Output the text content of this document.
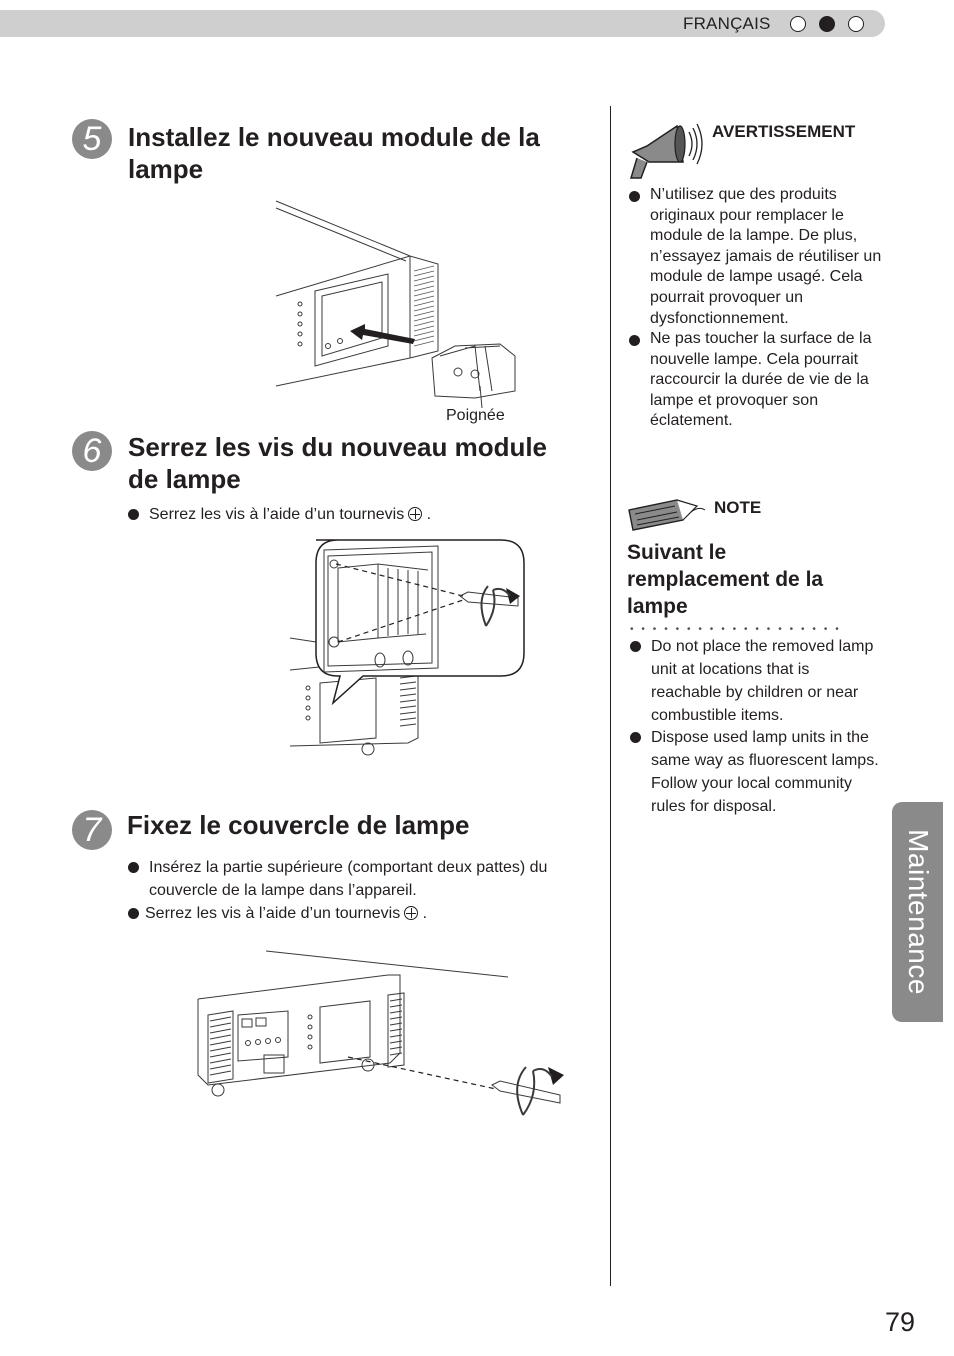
FRANÇAIS
5	Installez le nouveau module de la lampe
Poignée
6	Serrez les vis du nouveau module de lampe
Serrez les vis à l’aide d’un tournevis .
7 Fixez le couvercle de lampe
Insérez la partie supérieure (comportant deux pattes) du couvercle de la lampe dans l’appareil.
Serrez les vis à l’aide d’un tournevis .
AVERTISSEMENT
N’utilisez que des produits originaux pour remplacer le module de la lampe. De plus, n’essayez jamais de réutiliser un module de lampe usagé. Cela pourrait provoquer un dysfonctionnement.
Ne pas toucher la surface de la nouvelle lampe. Cela pourrait raccourcir la durée de vie de la lampe et provoquer son éclatement.
NOTE
Suivant le remplacement de la lampe
•••••••••••••••••••
Do not place the removed lamp unit at locations that is reachable by children or near combustible items.
Dispose used lamp units in the same way as fluorescent lamps. Follow your local community rules for disposal.
Maintenance
79
